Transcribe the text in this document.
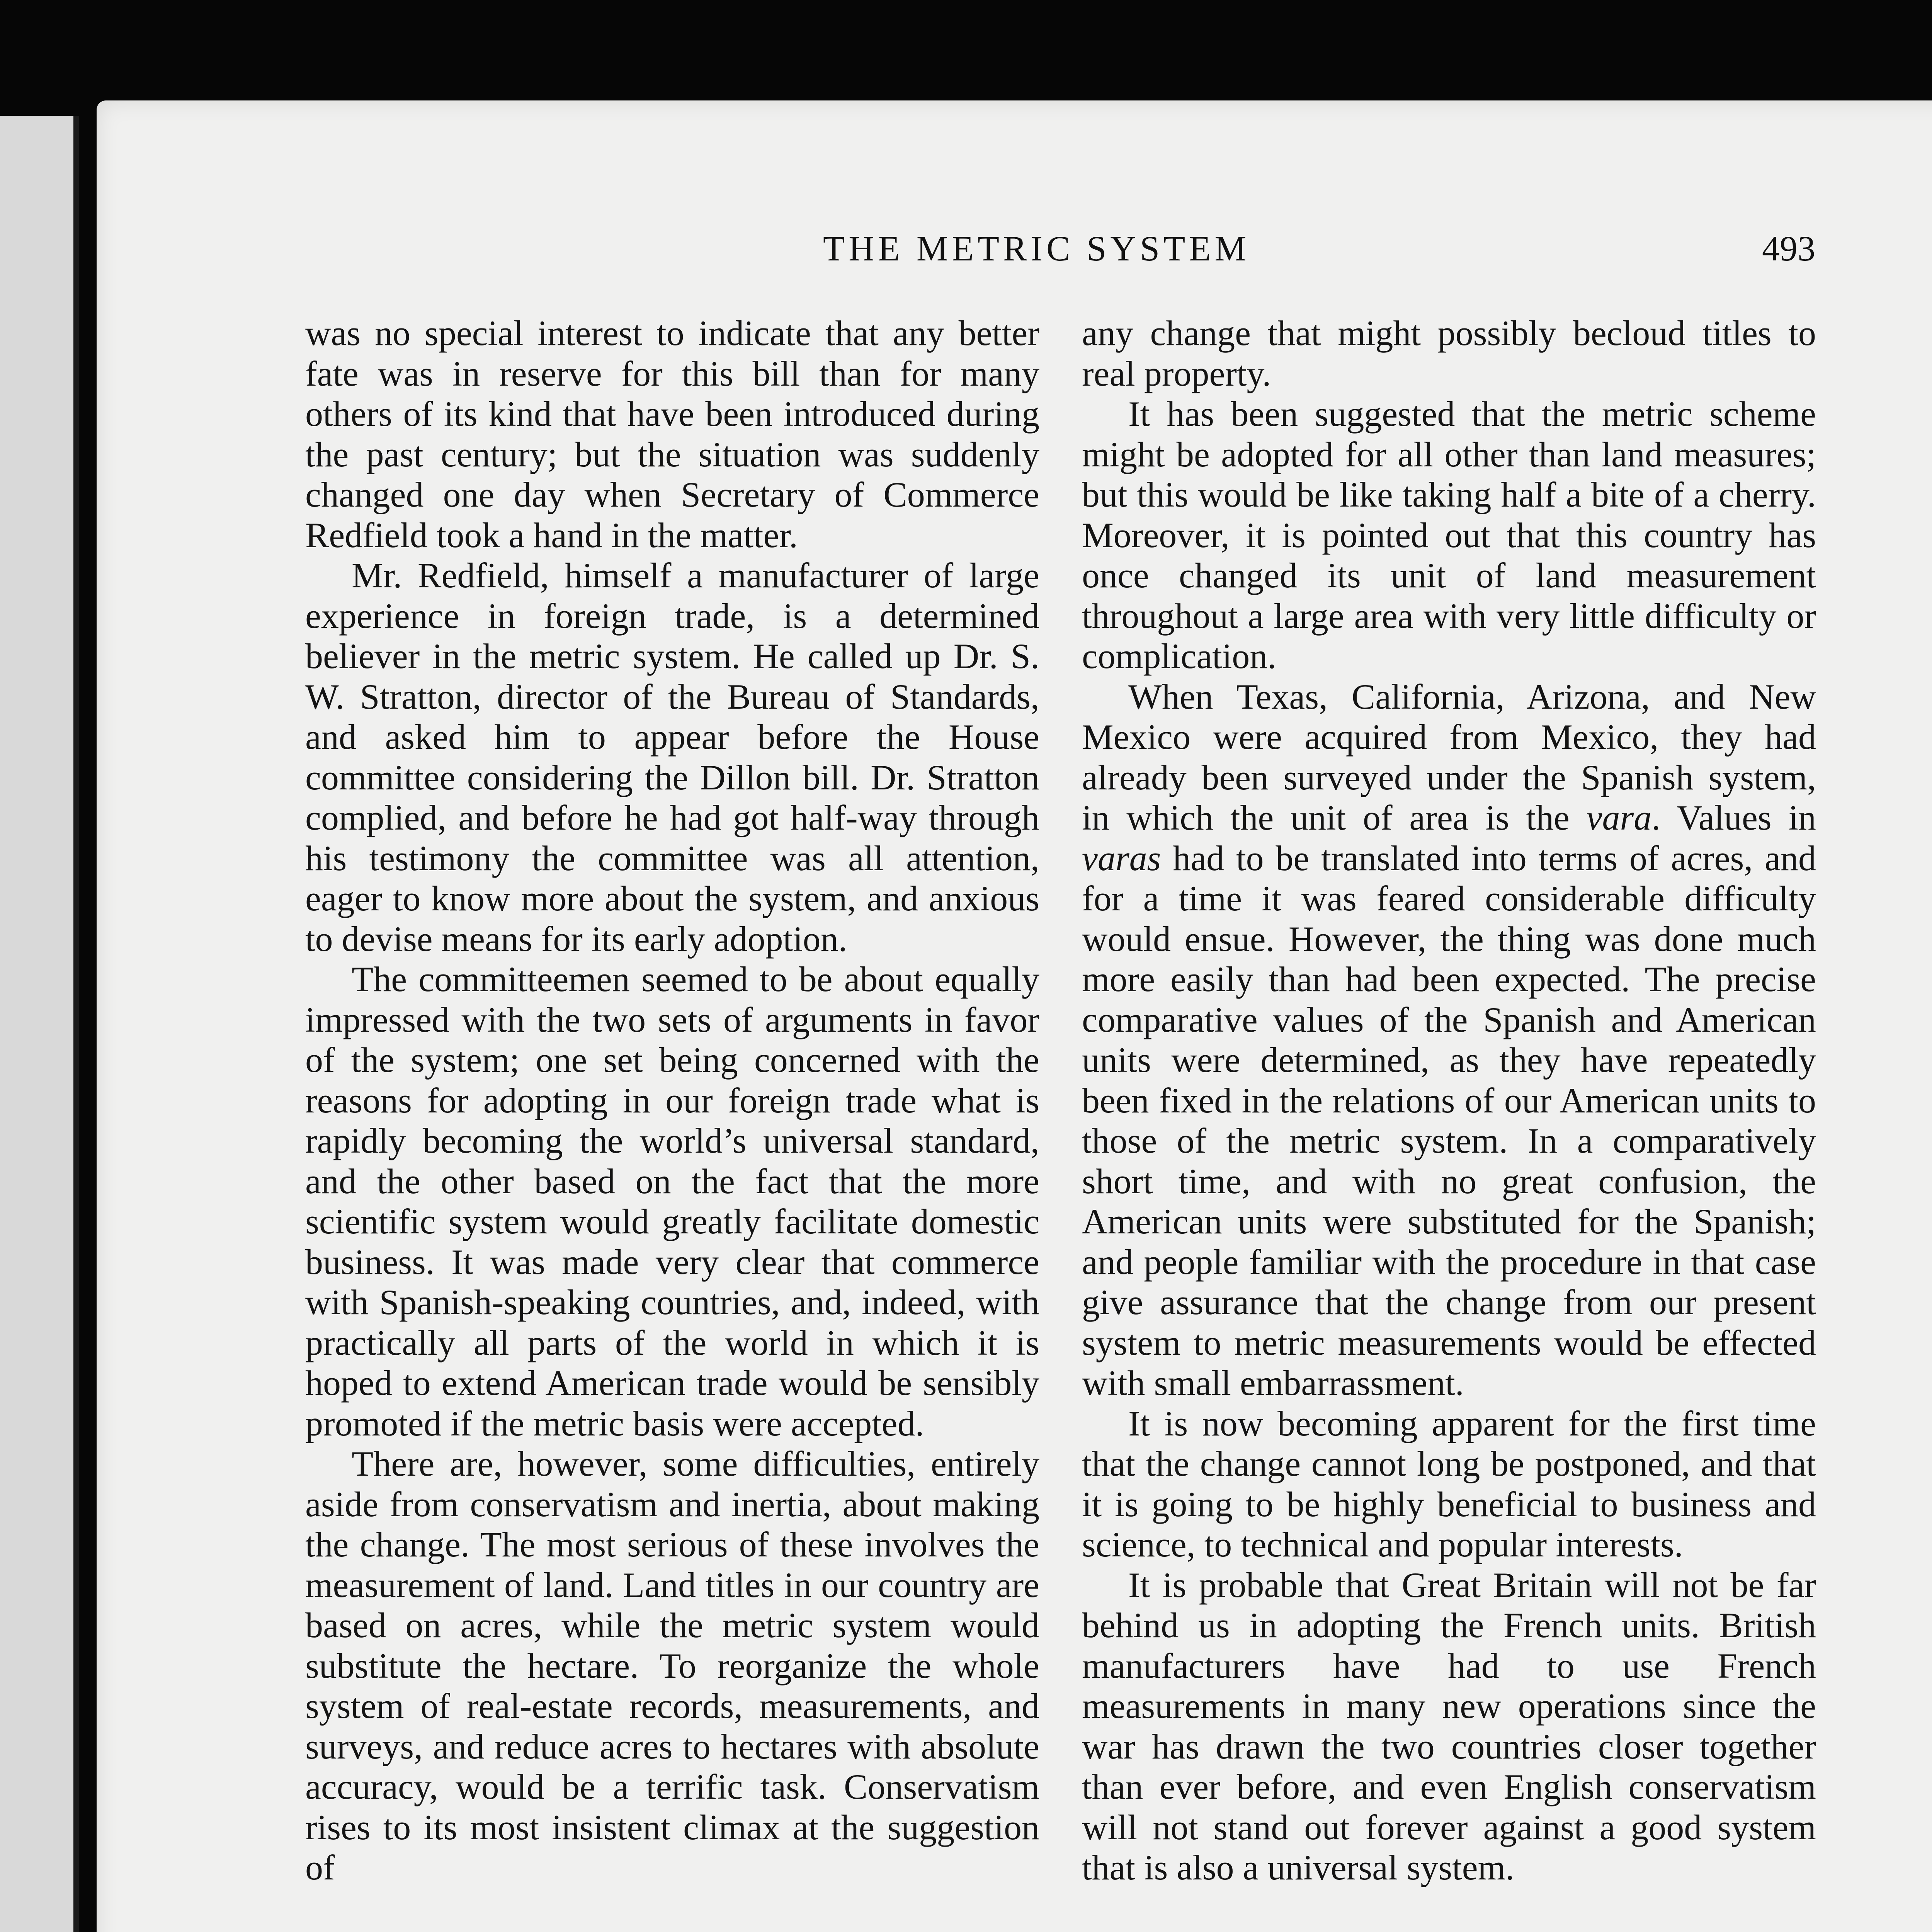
THE METRIC SYSTEM	493

was no special interest to indicate that any better fate was in reserve for this bill than for many others of its kind that have been introduced during the past century; but the situation was suddenly changed one day when Secretary of Commerce Redfield took a hand in the matter.

Mr. Redfield, himself a manufacturer of large experience in foreign trade, is a determined believer in the metric system. He called up Dr. S. W. Stratton, director of the Bureau of Standards, and asked him to appear before the House committee considering the Dillon bill. Dr. Stratton complied, and before he had got half-way through his testimony the committee was all attention, eager to know more about the system, and anxious to devise means for its early adoption.

The committeemen seemed to be about equally impressed with the two sets of arguments in favor of the system; one set being concerned with the reasons for adopting in our foreign trade what is rapidly becoming the world’s universal standard, and the other based on the fact that the more scientific system would greatly facilitate domestic business. It was made very clear that commerce with Spanish-speaking countries, and, indeed, with practically all parts of the world in which it is hoped to extend American trade would be sensibly promoted if the metric basis were accepted.

There are, however, some difficulties, entirely aside from conservatism and inertia, about making the change. The most serious of these involves the measurement of land. Land titles in our country are based on acres, while the metric system would substitute the hectare. To reorganize the whole system of real-estate records, measurements, and surveys, and reduce acres to hectares with absolute accuracy, would be a terrific task. Conservatism rises to its most insistent climax at the suggestion of

any change that might possibly becloud titles to real property.

It has been suggested that the metric scheme might be adopted for all other than land measures; but this would be like taking half a bite of a cherry. Moreover, it is pointed out that this country has once changed its unit of land measurement throughout a large area with very little difficulty or complication.

When Texas, California, Arizona, and New Mexico were acquired from Mexico, they had already been surveyed under the Spanish system, in which the unit of area is the vara. Values in varas had to be translated into terms of acres, and for a time it was feared considerable difficulty would ensue. However, the thing was done much more easily than had been expected. The precise comparative values of the Spanish and American units were determined, as they have repeatedly been fixed in the relations of our American units to those of the metric system. In a comparatively short time, and with no great confusion, the American units were substituted for the Spanish; and people familiar with the procedure in that case give assurance that the change from our present system to metric measurements would be effected with small embarrassment.

It is now becoming apparent for the first time that the change cannot long be postponed, and that it is going to be highly beneficial to business and science, to technical and popular interests.

It is probable that Great Britain will not be far behind us in adopting the French units. British manufacturers have had to use French measurements in many new operations since the war has drawn the two countries closer together than ever before, and even English conservatism will not stand out forever against a good system that is also a universal system.
